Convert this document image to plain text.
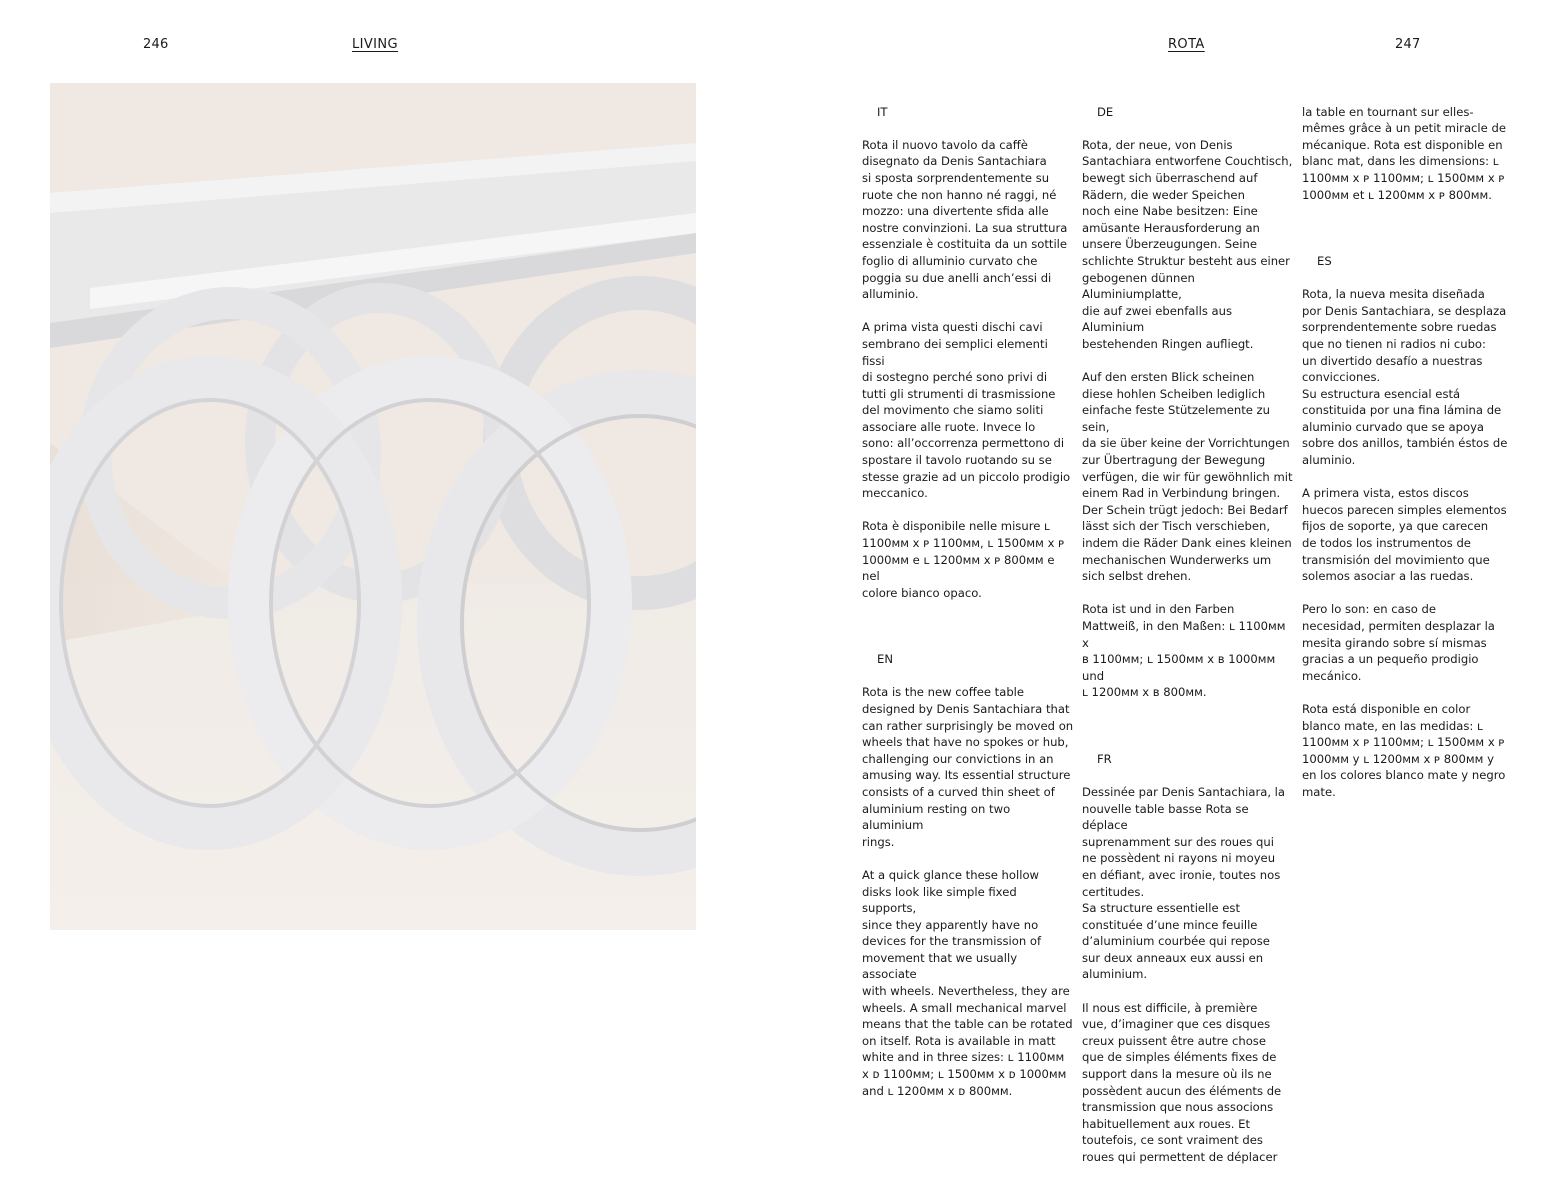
246	LIVING	ROTA	247

IT

Rota il nuovo tavolo da caffè
disegnato da Denis Santachiara
si sposta sorprendentemente su
ruote che non hanno né raggi, né
mozzo: una divertente sfida alle
nostre convinzioni. La sua struttura
essenziale è costituita da un sottile
foglio di alluminio curvato che
poggia su due anelli anch’essi di
alluminio.

A prima vista questi dischi cavi
sembrano dei semplici elementi fissi
di sostegno perché sono privi di
tutti gli strumenti di trasmissione
del movimento che siamo soliti
associare alle ruote. Invece lo
sono: all’occorrenza permettono di
spostare il tavolo ruotando su se
stesse grazie ad un piccolo prodigio
meccanico.

Rota è disponibile nelle misure ʟ
1100ᴍᴍ x ᴘ 1100ᴍᴍ, ʟ 1500ᴍᴍ x ᴘ
1000ᴍᴍ e ʟ 1200ᴍᴍ x ᴘ 800ᴍᴍ e nel
colore bianco opaco.

EN

Rota is the new coffee table
designed by Denis Santachiara that
can rather surprisingly be moved on
wheels that have no spokes or hub,
challenging our convictions in an
amusing way. Its essential structure
consists of a curved thin sheet of
aluminium resting on two aluminium
rings.

At a quick glance these hollow
disks look like simple fixed supports,
since they apparently have no
devices for the transmission of
movement that we usually associate
with wheels. Nevertheless, they are
wheels. A small mechanical marvel
means that the table can be rotated
on itself. Rota is available in matt
white and in three sizes: ʟ 1100ᴍᴍ
x ᴅ 1100ᴍᴍ; ʟ 1500ᴍᴍ x ᴅ 1000ᴍᴍ
and ʟ 1200ᴍᴍ x ᴅ 800ᴍᴍ.

DE

Rota, der neue, von Denis
Santachiara entworfene Couchtisch,
bewegt sich überraschend auf
Rädern, die weder Speichen
noch eine Nabe besitzen: Eine
amüsante Herausforderung an
unsere Überzeugungen. Seine
schlichte Struktur besteht aus einer
gebogenen dünnen Aluminiumplatte,
die auf zwei ebenfalls aus Aluminium
bestehenden Ringen aufliegt.

Auf den ersten Blick scheinen
diese hohlen Scheiben lediglich
einfache feste Stützelemente zu sein,
da sie über keine der Vorrichtungen
zur Übertragung der Bewegung
verfügen, die wir für gewöhnlich mit
einem Rad in Verbindung bringen.
Der Schein trügt jedoch: Bei Bedarf
lässt sich der Tisch verschieben,
indem die Räder Dank eines kleinen
mechanischen Wunderwerks um
sich selbst drehen.

Rota ist und in den Farben
Mattweiß, in den Maßen: ʟ 1100ᴍᴍ x
ʙ 1100ᴍᴍ; ʟ 1500ᴍᴍ x ʙ 1000ᴍᴍ und
ʟ 1200ᴍᴍ x ʙ 800ᴍᴍ.

FR

Dessinée par Denis Santachiara, la
nouvelle table basse Rota se déplace
suprenamment sur des roues qui
ne possèdent ni rayons ni moyeu
en défiant, avec ironie, toutes nos
certitudes.
Sa structure essentielle est
constituée d’une mince feuille
d’aluminium courbée qui repose
sur deux anneaux eux aussi en
aluminium.

Il nous est difficile, à première
vue, d’imaginer que ces disques
creux puissent être autre chose
que de simples éléments fixes de
support dans la mesure où ils ne
possèdent aucun des éléments de
transmission que nous associons
habituellement aux roues. Et
toutefois, ce sont vraiment des
roues qui permettent de déplacer

la table en tournant sur elles-
mêmes grâce à un petit miracle de
mécanique. Rota est disponible en
blanc mat, dans les dimensions: ʟ
1100ᴍᴍ x ᴘ 1100ᴍᴍ; ʟ 1500ᴍᴍ x ᴘ
1000ᴍᴍ et ʟ 1200ᴍᴍ x ᴘ 800ᴍᴍ.

ES

Rota, la nueva mesita diseñada
por Denis Santachiara, se desplaza
sorprendentemente sobre ruedas
que no tienen ni radios ni cubo:
un divertido desafío a nuestras
convicciones.
Su estructura esencial está
constituida por una fina lámina de
aluminio curvado que se apoya
sobre dos anillos, también éstos de
aluminio.

A primera vista, estos discos
huecos parecen simples elementos
fijos de soporte, ya que carecen
de todos los instrumentos de
transmisión del movimiento que
solemos asociar a las ruedas.

Pero lo son: en caso de
necesidad, permiten desplazar la
mesita girando sobre sí mismas
gracias a un pequeño prodigio
mecánico.

Rota está disponible en color
blanco mate, en las medidas: ʟ
1100ᴍᴍ x ᴘ 1100ᴍᴍ; ʟ 1500ᴍᴍ x ᴘ
1000ᴍᴍ y ʟ 1200ᴍᴍ x ᴘ 800ᴍᴍ y
en los colores blanco mate y negro
mate.
